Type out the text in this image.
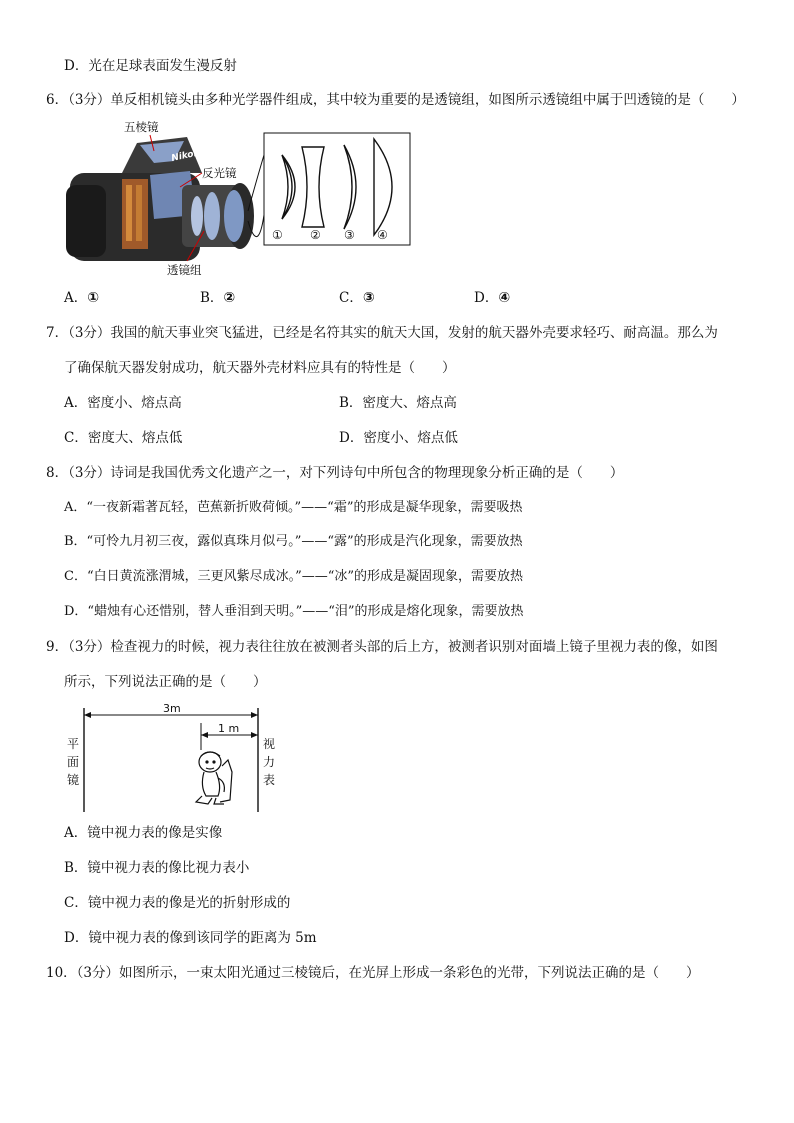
D．光在足球表面发生漫反射
6．（3分）单反相机镜头由多种光学器件组成，其中较为重要的是透镜组，如图所示透镜组中属于凹透镜的是（　　）
Nikon
五棱镜
反光镜
透镜组
① ② ③ ④
A．①	B．②	C．③	D．④
7．（3分）我国的航天事业突飞猛进，已经是名符其实的航天大国，发射的航天器外壳要求轻巧、耐高温。那么为
了确保航天器发射成功，航天器外壳材料应具有的特性是（　　）
A．密度小、熔点高	B．密度大、熔点高
C．密度大、熔点低	D．密度小、熔点低
8．（3分）诗词是我国优秀文化遗产之一，对下列诗句中所包含的物理现象分析正确的是（　　）
A．“一夜新霜著瓦轻，芭蕉新折败荷倾。”——“霜”的形成是凝华现象，需要吸热
B．“可怜九月初三夜，露似真珠月似弓。”——“露”的形成是汽化现象，需要放热
C．“白日黄流涨渭城，三更风紫尽成冰。”——“冰”的形成是凝固现象，需要放热
D．“蜡烛有心还惜别，替人垂泪到天明。”——“泪”的形成是熔化现象，需要放热
9．（3分）检查视力的时候，视力表往往放在被测者头部的后上方，被测者识别对面墙上镜子里视力表的像，如图
所示，下列说法正确的是（　　）
3m
1 m
平
面
镜
视
力
表
A．镜中视力表的像是实像
B．镜中视力表的像比视力表小
C．镜中视力表的像是光的折射形成的
D．镜中视力表的像到该同学的距离为 5m
10．（3分）如图所示，一束太阳光通过三棱镜后，在光屏上形成一条彩色的光带，下列说法正确的是（　　）
